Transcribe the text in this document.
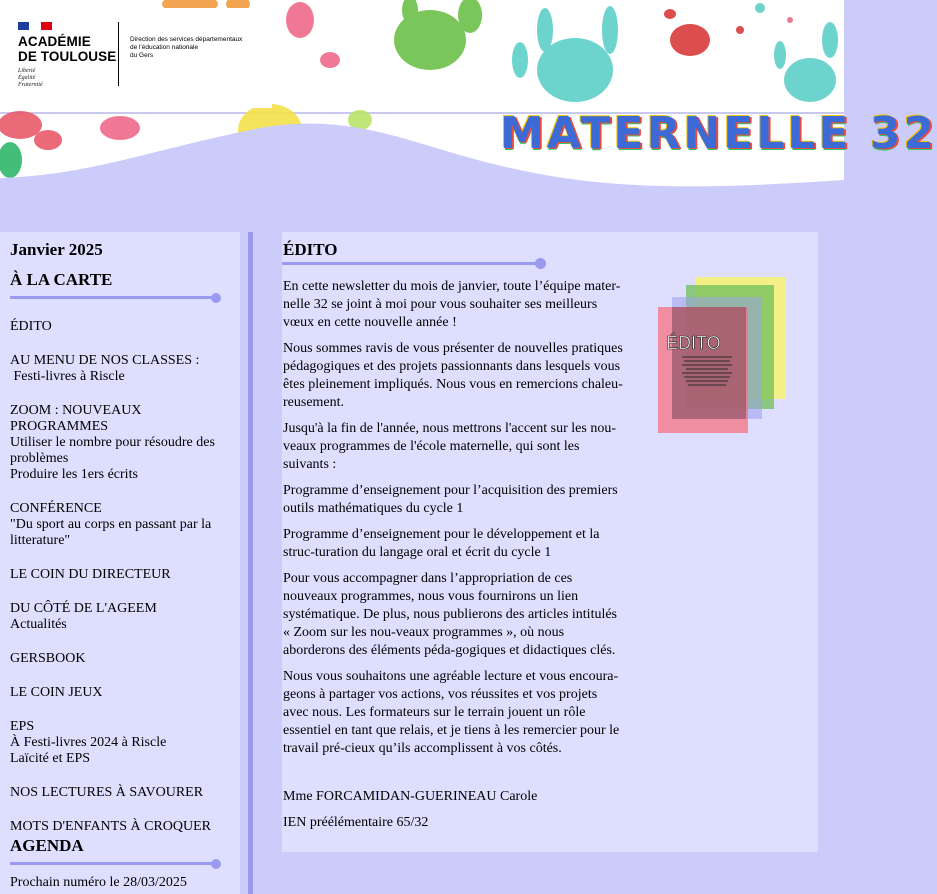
ACADÉMIE
DE TOULOUSE
Liberté
Égalité
Fraternité
Direction des services départementaux
de l'éducation nationale
du Gers
MATERNELLE 32
Janvier 2025
À LA CARTE
ÉDITO
AU MENU DE NOS CLASSES :
Festi-livres à Riscle
ZOOM : NOUVEAUX PROGRAMMES
Utiliser le nombre pour résoudre des problèmes
Produire les 1ers écrits
CONFÉRENCE
"Du sport au corps en passant par la litterature"
LE COIN DU DIRECTEUR
DU CÔTÉ DE L'AGEEM
Actualités
GERSBOOK
LE COIN JEUX
EPS
À Festi-livres 2024 à Riscle
Laïcité et EPS
NOS LECTURES À SAVOURER
MOTS D'ENFANTS À CROQUER
AGENDA
Prochain numéro le 28/03/2025
ÉDITO

En cette newsletter du mois de janvier, toute l’équipe mater-nelle 32 se joint à moi pour vous souhaiter ses meilleurs vœux en cette nouvelle année !

Nous sommes ravis de vous présenter de nouvelles pratiques pédagogiques et des projets passionnants dans lesquels vous êtes pleinement impliqués. Nous vous en remercions chaleu-reusement.

Jusqu'à la fin de l'année, nous mettrons l'accent sur les nou-veaux programmes de l'école maternelle, qui sont les suivants :

Programme d’enseignement pour l’acquisition des premiers outils mathématiques du cycle 1

Programme d’enseignement pour le développement et la struc-turation du langage oral et écrit du cycle 1

Pour vous accompagner dans l’appropriation de ces nouveaux programmes, nous vous fournirons un lien systématique. De plus, nous publierons des articles intitulés « Zoom sur les nou-veaux programmes », où nous aborderons des éléments péda-gogiques et didactiques clés.

Nous vous souhaitons une agréable lecture et vous encoura-geons à partager vos actions, vos réussites et vos projets avec nous. Les formateurs sur le terrain jouent un rôle essentiel en tant que relais, et je tiens à les remercier pour le travail pré-cieux qu’ils accomplissent à vos côtés.

Mme FORCAMIDAN-GUERINEAU Carole

IEN préélémentaire 65/32

ÉDITO
